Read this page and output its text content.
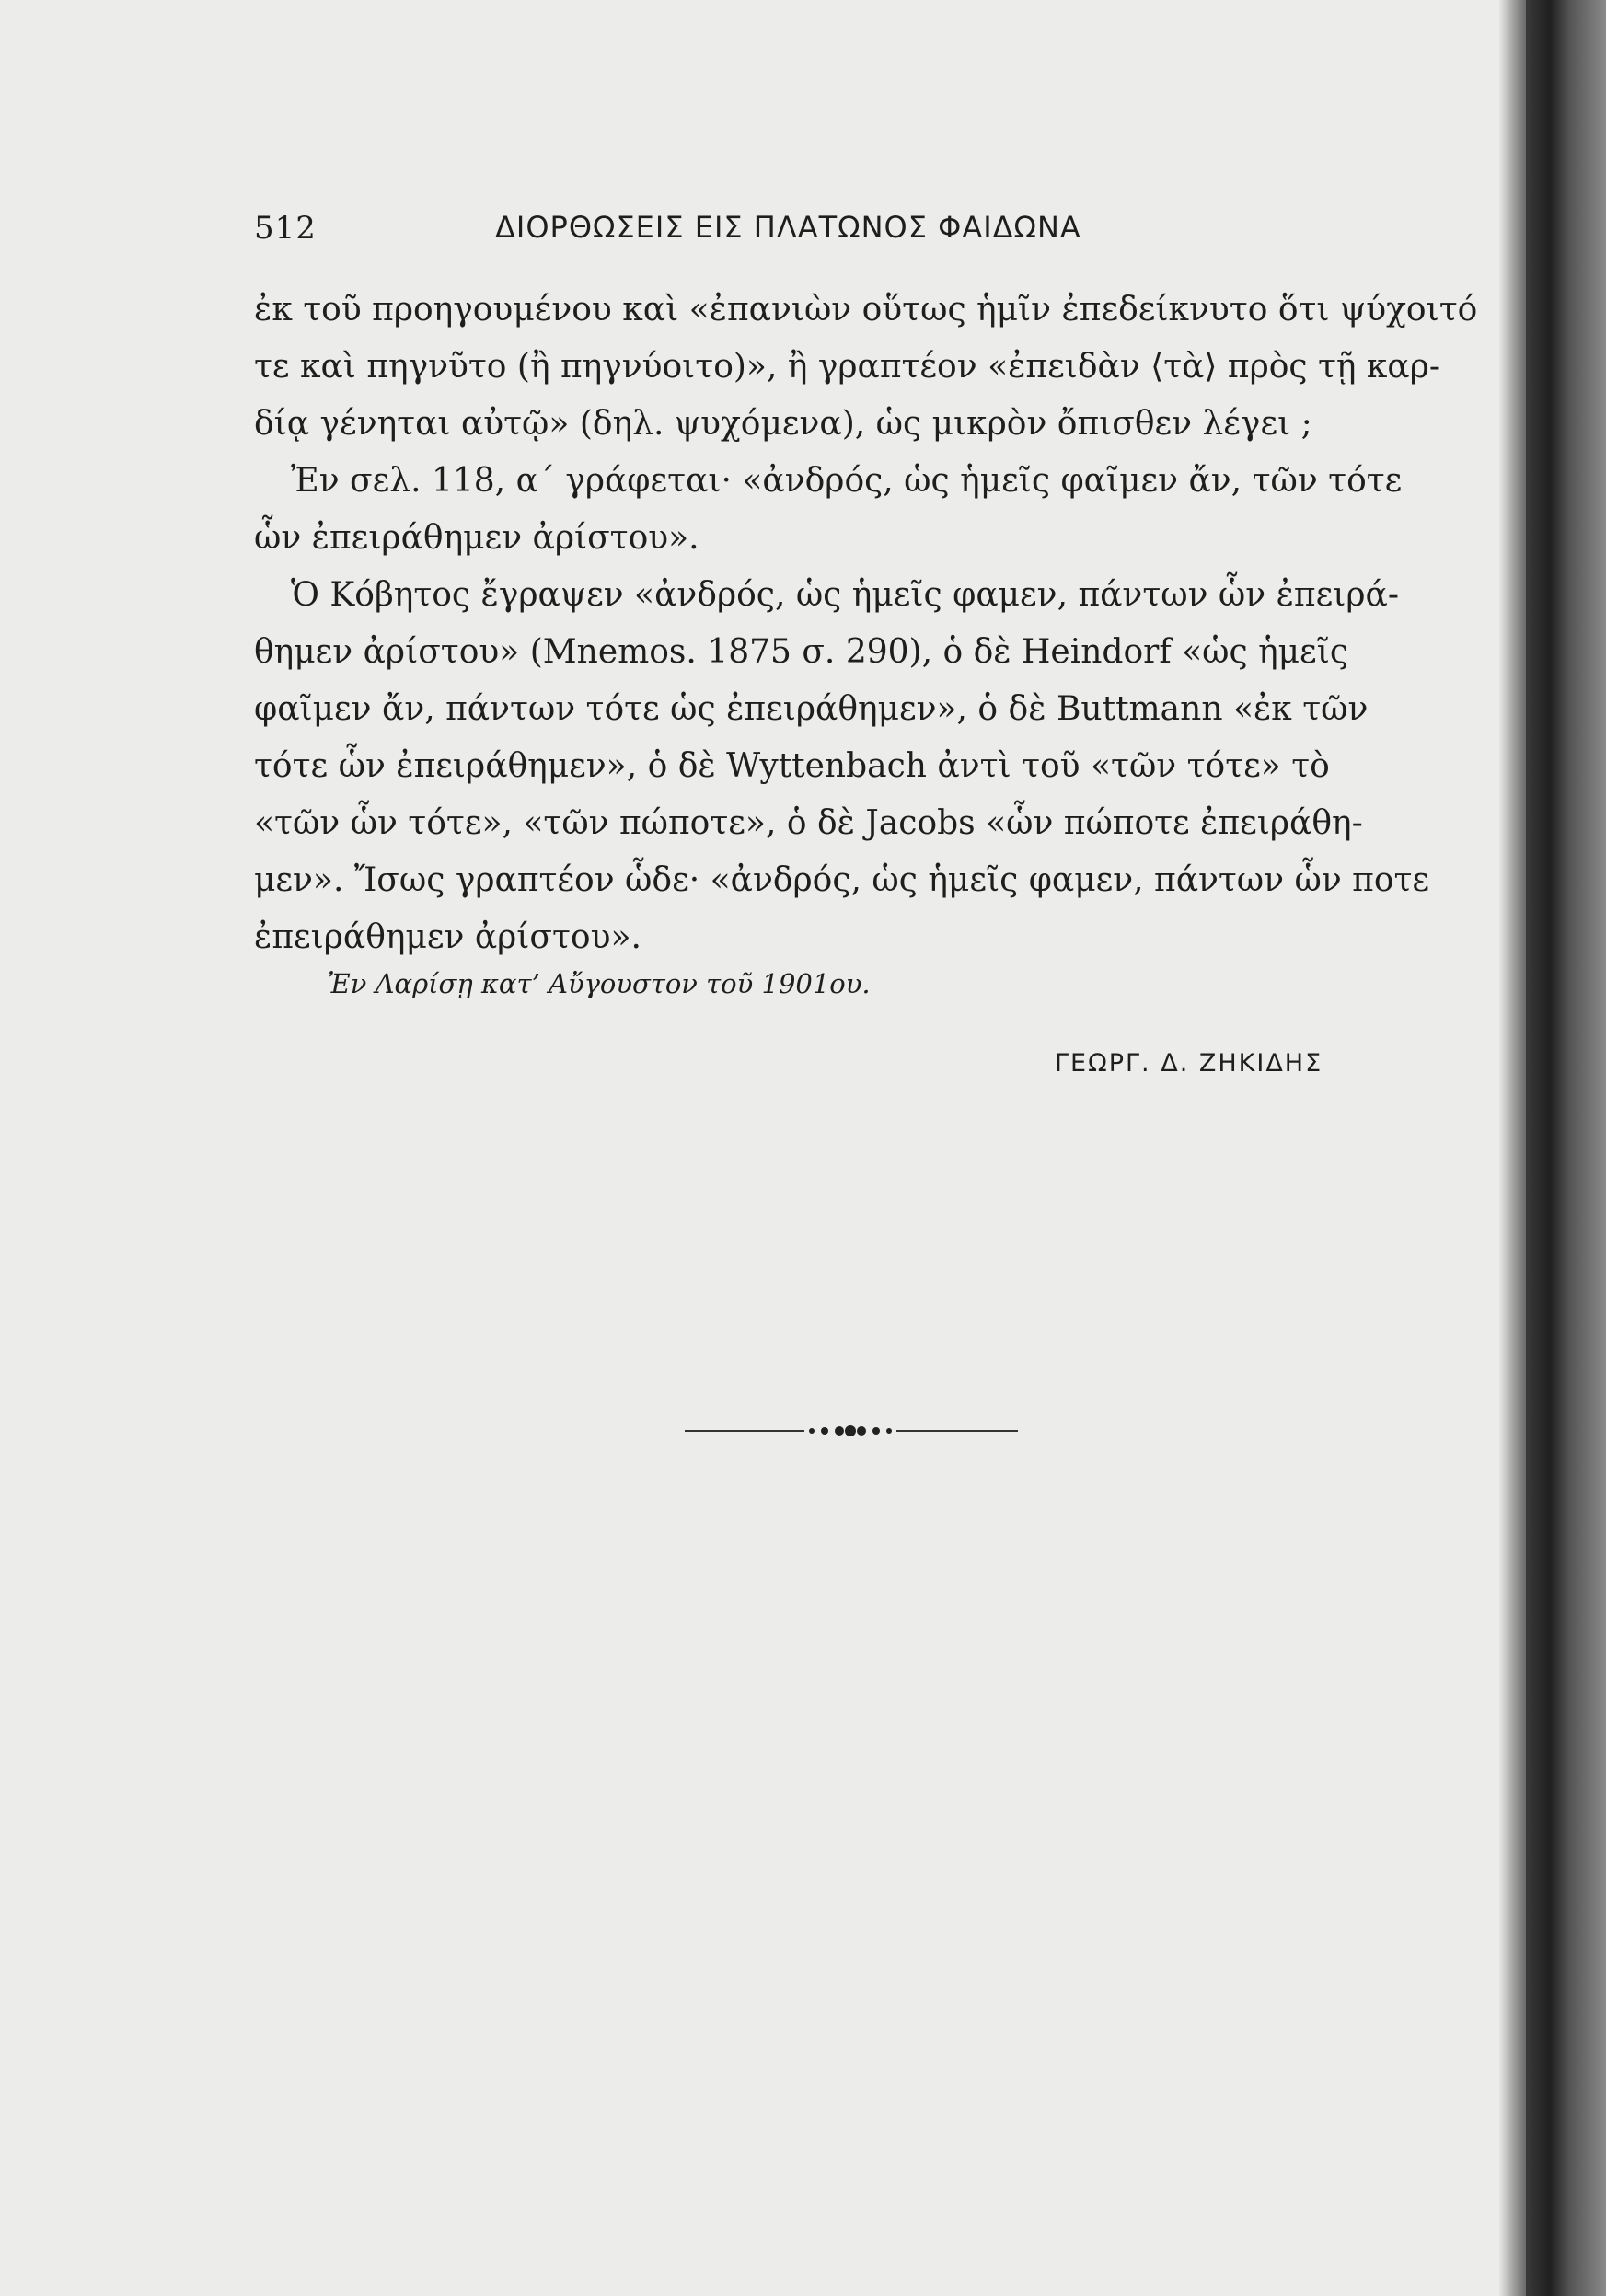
512	ΔΙΟΡΘΩΣΕΙΣ ΕΙΣ ΠΛΑΤΩΝΟΣ ΦΑΙΔΩΝΑ

ἐκ τοῦ προηγουμένου καὶ «ἐπανιὼν οὕτως ἡμῖν ἐπεδείκνυτο ὅτι ψύχοιτό

τε καὶ πηγνῦτο (ἢ πηγνύοιτο)», ἢ γραπτέον «ἐπειδὰν ⟨τὰ⟩ πρὸς τῇ καρ-

δίᾳ γένηται αὐτῷ» (δηλ. ψυχόμενα), ὡς μικρὸν ὄπισθεν λέγει ;

Ἐν σελ. 118, α΄ γράφεται· «ἀνδρός, ὡς ἡμεῖς φαῖμεν ἄν, τῶν τότε

ὧν ἐπειράθημεν ἀρίστου».

Ὁ Κόβητος ἔγραψεν «ἀνδρός, ὡς ἡμεῖς φαμεν, πάντων ὧν ἐπειρά-

θημεν ἀρίστου» (Mnemos. 1875 σ. 290), ὁ δὲ Heindorf «ὡς ἡμεῖς

φαῖμεν ἄν, πάντων τότε ὡς ἐπειράθημεν», ὁ δὲ Buttmann «ἐκ τῶν

τότε ὧν ἐπειράθημεν», ὁ δὲ Wyttenbach ἀντὶ τοῦ «τῶν τότε» τὸ

«τῶν ὧν τότε», «τῶν πώποτε», ὁ δὲ Jacobs «ὧν πώποτε ἐπειράθη-

μεν». Ἴσως γραπτέον ὧδε· «ἀνδρός, ὡς ἡμεῖς φαμεν, πάντων ὧν ποτε

ἐπειράθημεν ἀρίστου».

Ἐν Λαρίσῃ κατ’ Αὔγουστον τοῦ 1901ου.
ΓΕΩΡΓ. Δ. ΖΗΚΙΔΗΣ
